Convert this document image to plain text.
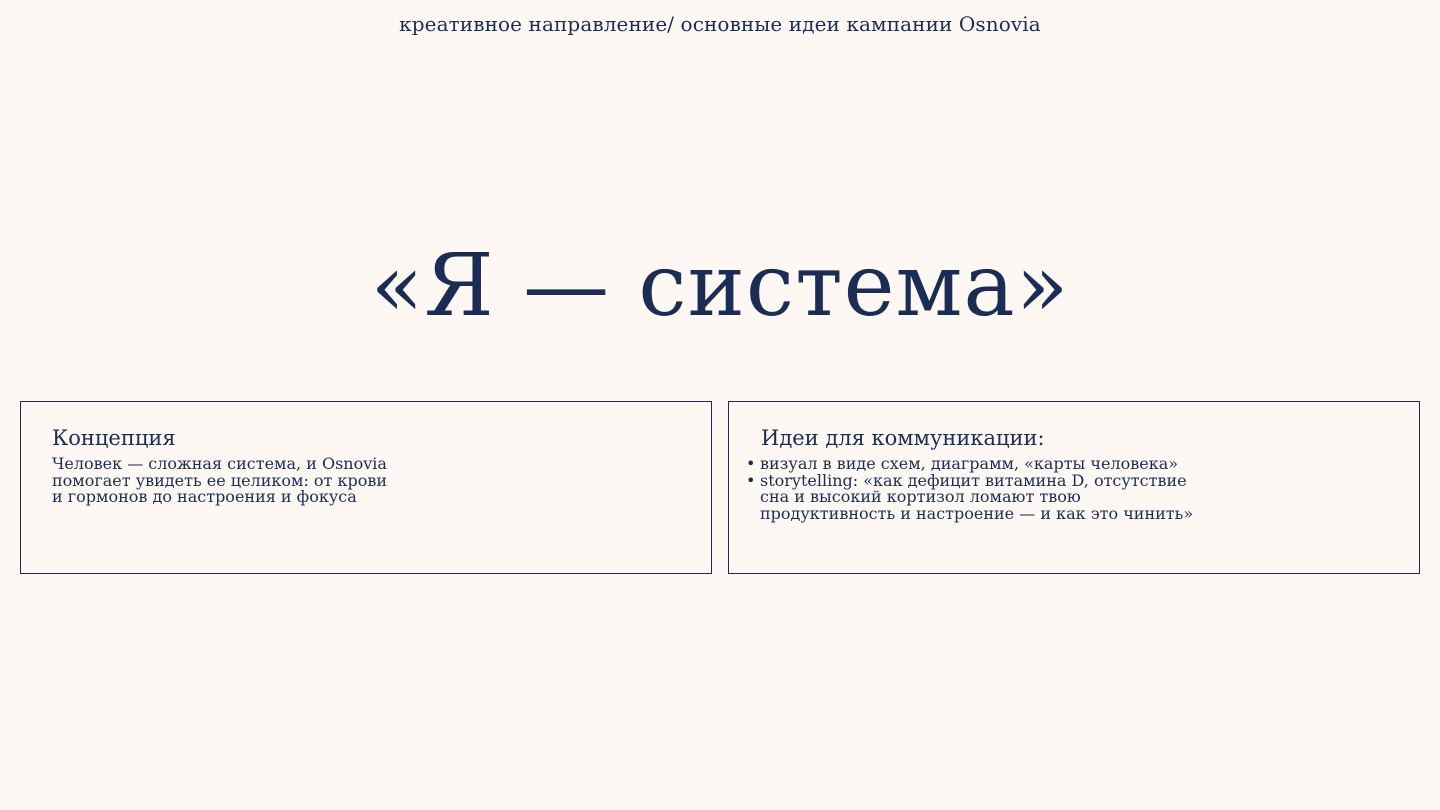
креативное направление/ основные идеи кампании Osnovia
«Я — система»
Концепция
Человек — сложная система, и Osnovia
помогает увидеть ее целиком: от крови
и гормонов до настроения и фокуса
Идеи для коммуникации:
• визуал в виде схем, диаграмм, «карты человека»
• storytelling: «как дефицит витамина D, отсутствие
сна и высокий кортизол ломают твою
продуктивность и настроение — и как это чинить»
